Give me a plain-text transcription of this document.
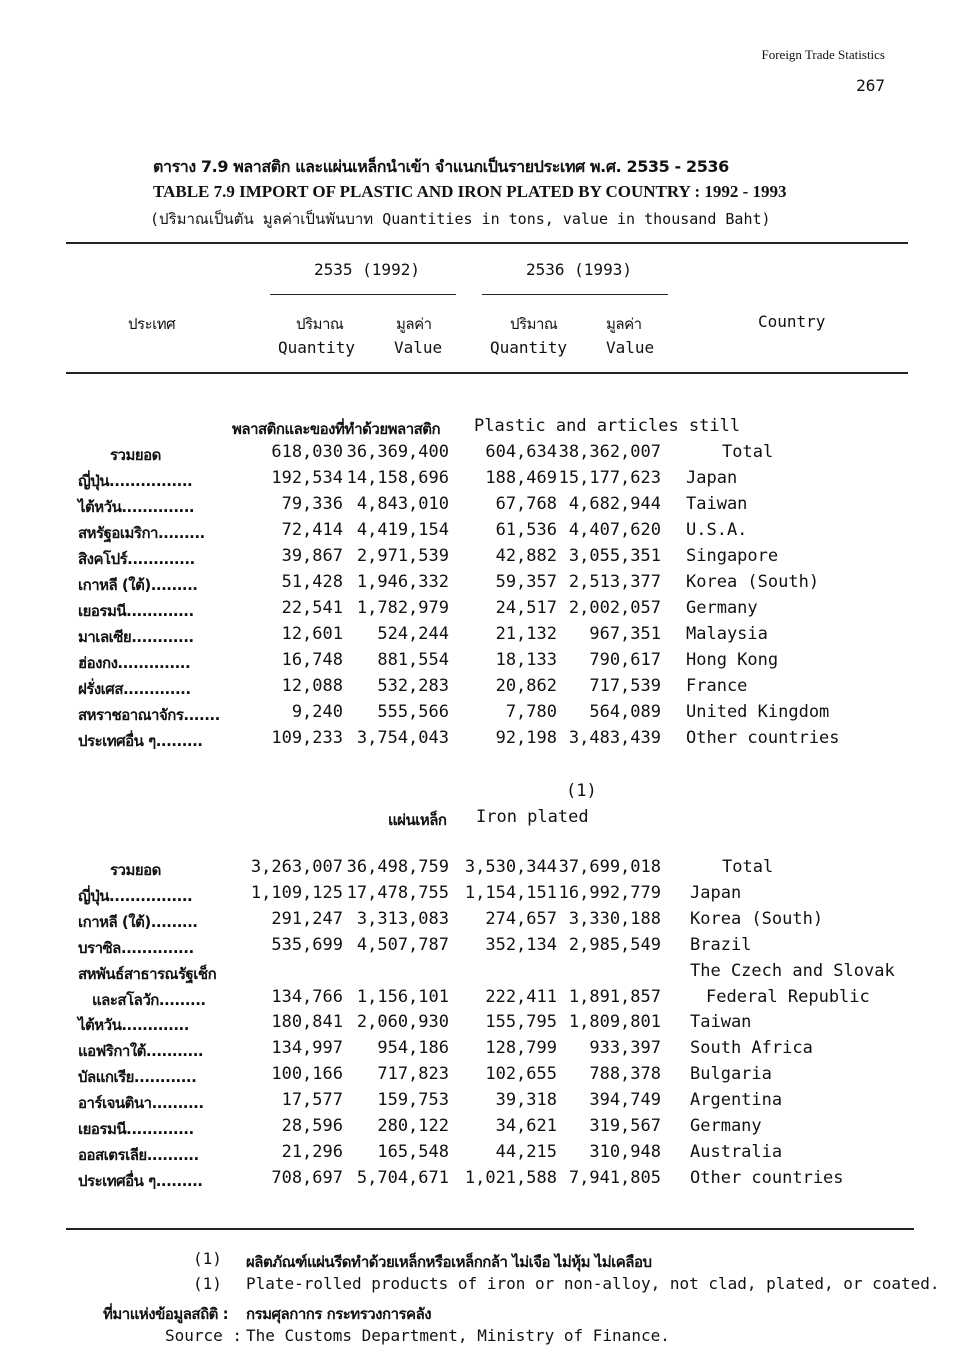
Foreign Trade Statistics
267
ตาราง 7.9 พลาสติก และแผ่นเหล็กนำเข้า จำแนกเป็นรายประเทศ พ.ศ. 2535 - 2536
TABLE 7.9 IMPORT OF PLASTIC AND IRON PLATED BY COUNTRY : 1992 - 1993
(ปริมาณเป็นตัน มูลค่าเป็นพันบาท Quantities in tons, value in thousand Baht)
2535 (1992)	2536 (1993)
ประเทศ	ปริมาณ	มูลค่า	ปริมาณ	มูลค่า	Country
Quantity Value	Quantity Value
พลาสติกและของที่ทำด้วยพลาสติก Plastic and articles still
รวมยอด	618,030 36,369,400 604,634 38,362,007	Total
ญี่ปุ่น................	192,534 14,158,696 188,469 15,177,623 Japan
ไต้หวัน..............	79,336 4,843,010	67,768 4,682,944 Taiwan
สหรัฐอเมริกา.........	72,414 4,419,154	61,536 4,407,620 U.S.A.
สิงคโปร์.............	39,867 2,971,539	42,882 3,055,351 Singapore
เกาหลี (ใต้).........	51,428 1,946,332	59,357 2,513,377 Korea (South)
เยอรมนี.............	22,541 1,782,979	24,517 2,002,057 Germany
มาเลเซีย............	12,601 524,244	21,132 967,351 Malaysia
ฮ่องกง..............	16,748 881,554	18,133 790,617 Hong Kong
ฝรั่งเศส.............	12,088 532,283	20,862 717,539 France
สหราชอาณาจักร.......	9,240 555,566	7,780 564,089 United Kingdom
ประเทศอื่น ๆ.........	109,233 3,754,043	92,198 3,483,439 Other countries
(1)
แผ่นเหล็ก Iron plated
รวมยอด	3,263,007 36,498,759 3,530,344 37,699,018	Total
ญี่ปุ่น................	1,109,125 17,478,755 1,154,151 16,992,779 Japan
เกาหลี (ใต้).........	291,247 3,313,083 274,657 3,330,188 Korea (South)
บราซิล..............	535,699 4,507,787 352,134 2,985,549 Brazil
สหพันธ์สาธารณรัฐเช็ก	The Czech and Slovak
และสโลวัก.........	134,766 1,156,101 222,411 1,891,857	Federal Republic
ไต้หวัน.............	180,841 2,060,930 155,795 1,809,801 Taiwan
แอฟริกาใต้...........	134,997 954,186 128,799 933,397 South Africa
บัลแกเรีย............	100,166 717,823 102,655 788,378 Bulgaria
อาร์เจนตินา..........	17,577 159,753	39,318 394,749 Argentina
เยอรมนี.............	28,596 280,122	34,621 319,567 Germany
ออสเตรเลีย..........	21,296 165,548	44,215 310,948 Australia
ประเทศอื่น ๆ.........	708,697 5,704,671 1,021,588 7,941,805 Other countries
(1) ผลิตภัณฑ์แผ่นรีดทำด้วยเหล็กหรือเหล็กกล้า ไม่เจือ ไม่หุ้ม ไม่เคลือบ
(1) Plate-rolled products of iron or non-alloy, not clad, plated, or coated.
ที่มาแห่งข้อมูลสถิติ : กรมศุลกากร กระทรวงการคลัง
Source : The Customs Department, Ministry of Finance.
